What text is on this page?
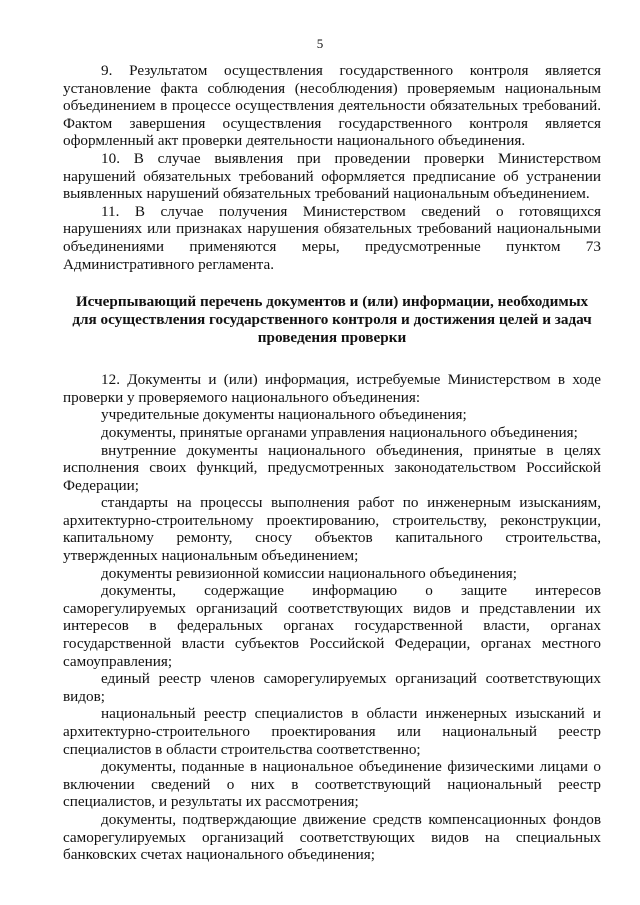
5

9. Результатом осуществления государственного контроля является установление факта соблюдения (несоблюдения) проверяемым национальным объединением в процессе осуществления деятельности обязательных требований. Фактом завершения осуществления государственного контроля является оформленный акт проверки деятельности национального объединения.

10. В случае выявления при проведении проверки Министерством нарушений обязательных требований оформляется предписание об устранении выявленных нарушений обязательных требований национальным объединением.

11. В случае получения Министерством сведений о готовящихся нарушениях или признаках нарушения обязательных требований национальными объединениями применяются меры, предусмотренные пунктом 73 Административного регламента.

Исчерпывающий перечень документов и (или) информации, необходимых

для осуществления государственного контроля и достижения целей и задач

проведения проверки

12. Документы и (или) информация, истребуемые Министерством в ходе проверки у проверяемого национального объединения:

учредительные документы национального объединения;

документы, принятые органами управления национального объединения;

внутренние документы национального объединения, принятые в целях исполнения своих функций, предусмотренных законодательством Российской Федерации;

стандарты на процессы выполнения работ по инженерным изысканиям, архитектурно-строительному проектированию, строительству, реконструкции, капитальному ремонту, сносу объектов капитального строительства, утвержденных национальным объединением;

документы ревизионной комиссии национального объединения;

документы, содержащие информацию о защите интересов саморегулируемых организаций соответствующих видов и представлении их интересов в федеральных органах государственной власти, органах государственной власти субъектов Российской Федерации, органах местного самоуправления;

единый реестр членов саморегулируемых организаций соответствующих видов;

национальный реестр специалистов в области инженерных изысканий и архитектурно-строительного проектирования или национальный реестр специалистов в области строительства соответственно;

документы, поданные в национальное объединение физическими лицами о включении сведений о них в соответствующий национальный реестр специалистов, и результаты их рассмотрения;

документы, подтверждающие движение средств компенсационных фондов саморегулируемых организаций соответствующих видов на специальных банковских счетах национального объединения;
